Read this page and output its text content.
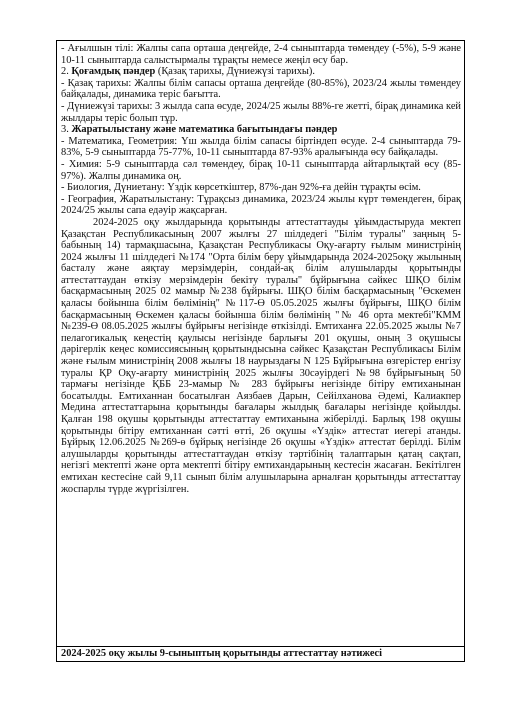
- Ағылшын тілі: Жалпы сапа орташа деңгейде, 2-4 сыныптарда төмендеу (-5%), 5-9 және 10-11 сыныптарда салыстырмалы тұрақты немесе жеңіл өсу бар.

2. Қоғамдық пәндер (Қазақ тарихы, Дүниежүзі тарихы).

- Қазақ тарихы: Жалпы білім сапасы орташа деңгейде (80-85%), 2023/24 жылы төмендеу байқалады, динамика теріс бағытта.

- Дүниежүзі тарихы: 3 жылда сапа өсуде, 2024/25 жылы 88%-ге жетті, бірақ динамика кей жылдары теріс болып тұр.

3. Жаратылыстану және математика бағытындағы пәндер

- Математика, Геометрия: Үш жылда білім сапасы біртіндеп өсуде. 2-4 сыныптарда 79-83%, 5-9 сыныптарда 75-77%, 10-11 сыныптарда 87-93% аралығында өсу байқалады.

- Химия: 5-9 сыныптарда сәл төмендеу, бірақ 10-11 сыныптарда айтарлықтай өсу (85-97%). Жалпы динамика оң.

- Биология, Дүниетану: Үздік көрсеткіштер, 87%-дан 92%-ға дейін тұрақты өсім.

- География, Жаратылыстану: Тұрақсыз динамика, 2023/24 жылы күрт төмендеген, бірақ 2024/25 жылы сапа едәуір жақсарған.

2024-2025 оқу жылдарында қорытынды аттестаттауды ұйымдастыруда мектеп Қазақстан Республикасының 2007 жылғы 27 шілдедегі "Білім туралы" заңның 5- бабының 14) тармақшасына, Қазақстан Республикасы Оқу-ағарту ғылым министрінің 2024 жылғы 11 шілдедегі №174 "Орта білім беру ұйымдарында 2024-2025оқу жылының басталу және аяқтау мерзімдерін, сондай-ақ білім алушыларды қорытынды аттестаттаудан өткізу мерзімдерін бекіту туралы" бұйрығына сәйкес ШҚО білім басқармасының 2025 02 мамыр №238 бұйрығы. ШҚО білім басқармасының "Өскемен қаласы бойынша білім бөлімінің" №117-Ө 05.05.2025 жылғы бұйрығы, ШҚО білім басқармасының Өскемен қаласы бойынша білім бөлімінің "№ 46 орта мектебі"КММ №239-Ө 08.05.2025 жылғы бұйрығы негізінде өткізілді. Емтиханға 22.05.2025 жылы №7 пелагогикалық кеңестің қаулысы негізінде барлығы 201 оқушы, оның 3 оқушысы дәрігерлік кеңес комиссиясының қорытындысына сәйкес Қазақстан Республикасы Білім және ғылым министрінің 2008 жылғы 18 наурыздағы N 125 Бұйрығына өзгерістер енгізу туралы ҚР Оқу-ағарту министрінің 2025 жылғы 30сәуірдегі №98 бұйрығының 50 тармағы негізінде ҚББ 23-мамыр № 283 бұйрығы негізінде бітіру емтиханынан босатылды. Емтиханнан босатылған Аязбаев Дарын, Сейілханова Әдемі, Калиакпер Медина аттестаттарына қорытынды бағалары жылдық бағалары негізінде қойылды. Қалған 198 оқушы қорытынды аттестаттау емтиханына жіберілді. Барлық 198 оқушы қорытынды бітіру емтиханнан сәтті өтті, 26 оқушы «Үздік» аттестат иегері атанды. Бұйрық 12.06.2025 №269-ө бұйрық негізінде 26 оқушы «Үздік» аттестат берілді. Білім алушыларды қорытынды аттестаттаудан өткізу тәртібінің талаптарын қатаң сақтап, негізгі мектепті және орта мектепті бітіру емтихандарының кестесін жасаған. Бекітілген емтихан кестесіне сай 9,11 сынып білім алушыларына арналған қорытынды аттестаттау жоспарлы түрде жүргізілген.

2024-2025 оқу жылы 9-сыныптың қорытынды аттестаттау нәтижесі
